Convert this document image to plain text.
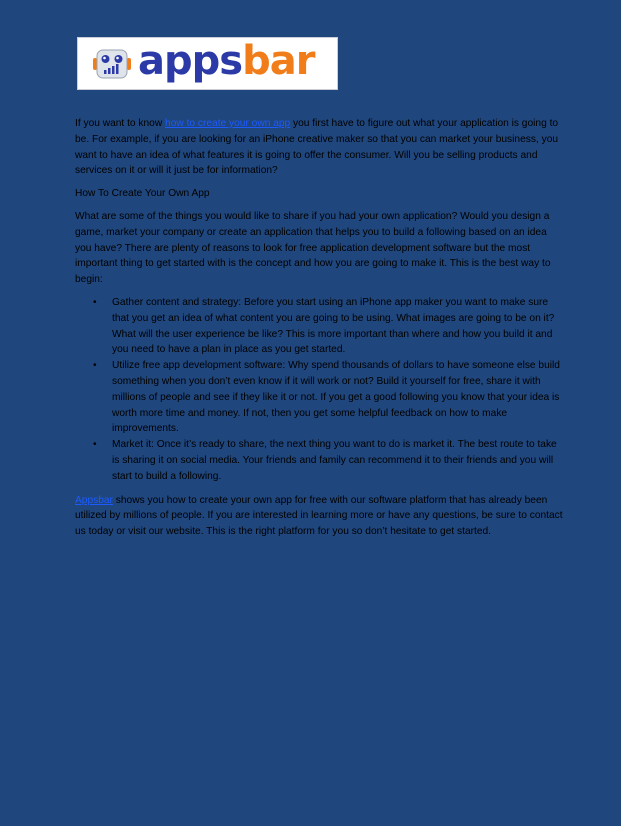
appsbar

If you want to know how to create your own app you first have to figure out what your application is going to be. For example, if you are looking for an iPhone creative maker so that you can market your business, you want to have an idea of what features it is going to offer the consumer. Will you be selling products and services on it or will it just be for information?

How To Create Your Own App

What are some of the things you would like to share if you had your own application? Would you design a game, market your company or create an application that helps you to build a following based on an idea you have? There are plenty of reasons to look for free application development software but the most important thing to get started with is the concept and how you are going to make it. This is the best way to begin:

• Gather content and strategy: Before you start using an iPhone app maker you want to make sure that you get an idea of what content you are going to be using. What images are going to be on it? What will the user experience be like? This is more important than where and how you build it and you need to have a plan in place as you get started.
• Utilize free app development software: Why spend thousands of dollars to have someone else build something when you don’t even know if it will work or not? Build it yourself for free, share it with millions of people and see if they like it or not. If you get a good following you know that your idea is worth more time and money. If not, then you get some helpful feedback on how to make improvements.
• Market it: Once it’s ready to share, the next thing you want to do is market it. The best route to take is sharing it on social media. Your friends and family can recommend it to their friends and you will start to build a following.

Appsbar shows you how to create your own app for free with our software platform that has already been utilized by millions of people. If you are interested in learning more or have any questions, be sure to contact us today or visit our website. This is the right platform for you so don’t hesitate to get started.
